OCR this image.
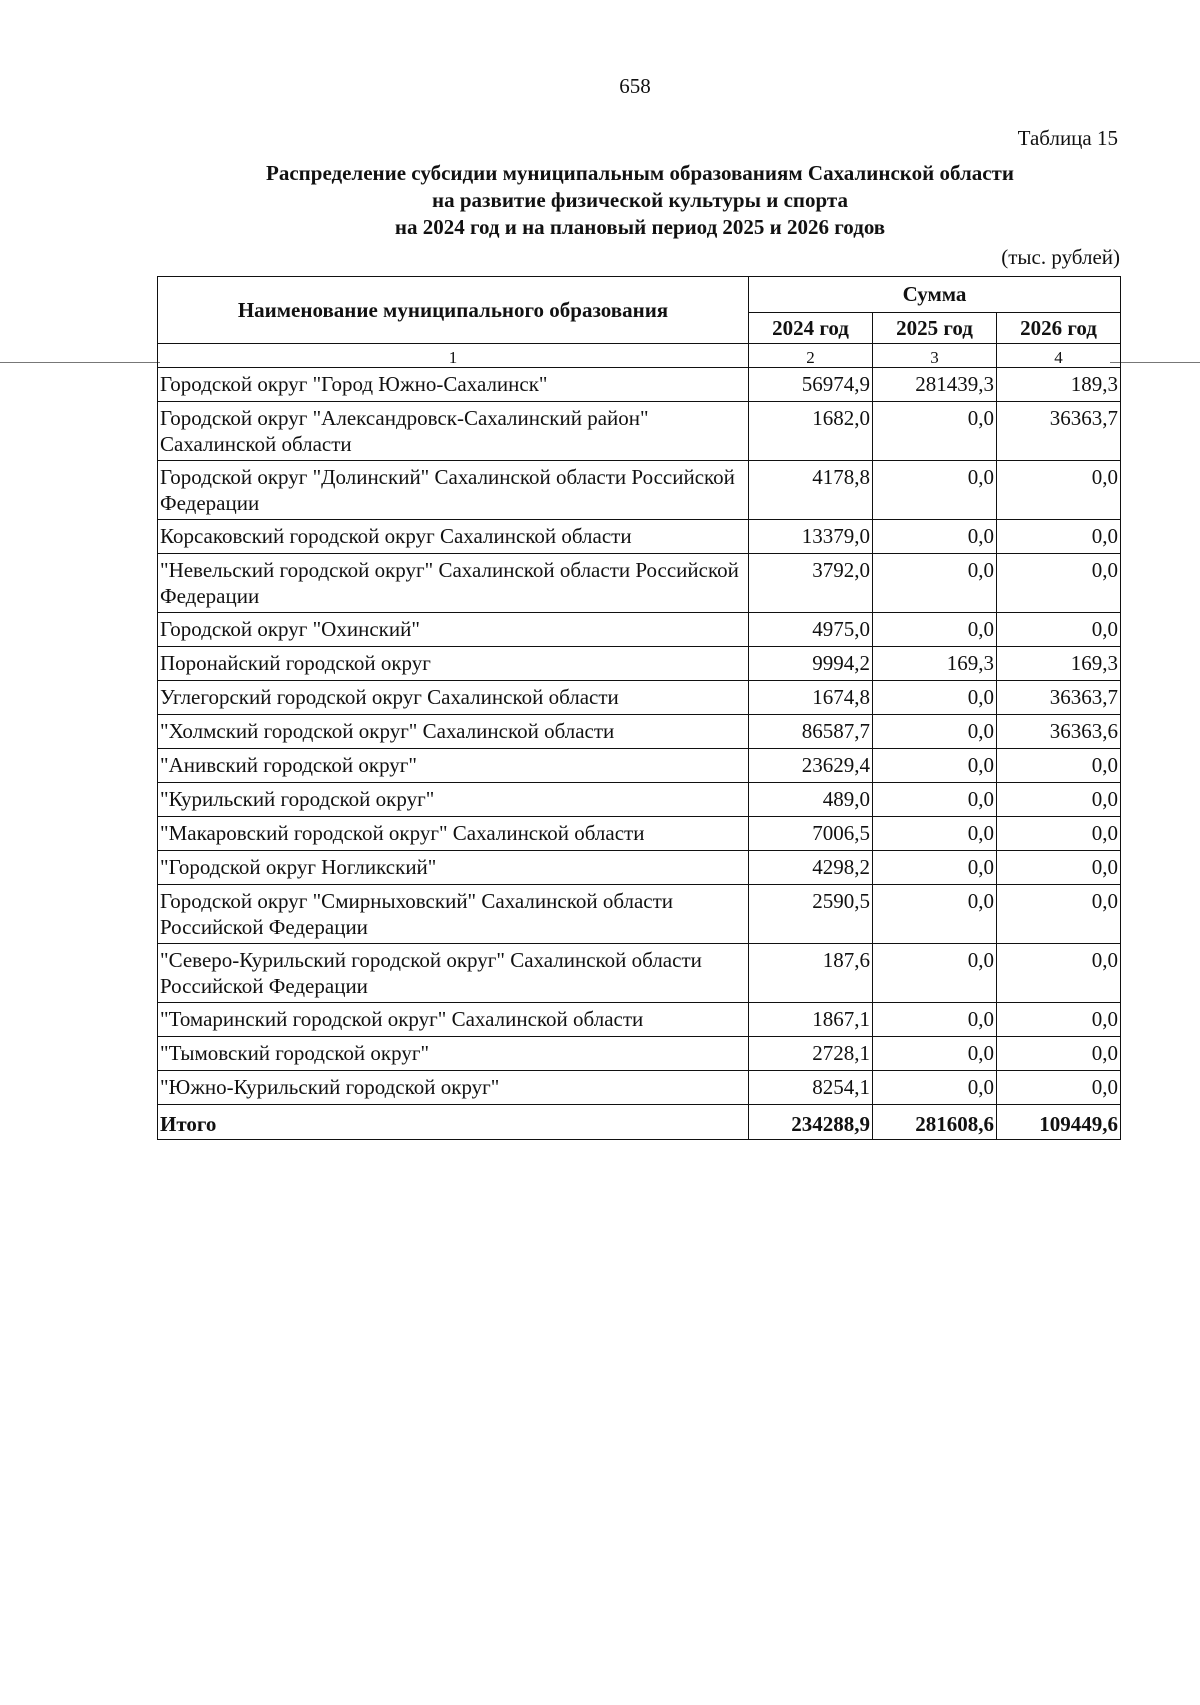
658
Таблица 15
Распределение субсидии муниципальным образованиям Сахалинской области
на развитие физической культуры и спорта
на 2024 год и на плановый период 2025 и 2026 годов
(тыс. рублей)
Наименование муниципального образования	Сумма		
	2024 год	2025 год	2026 год
1	2	3	4
Городской округ "Город Южно-Сахалинск"	56974,9	281439,3	189,3
Городской округ "Александровск-Сахалинский район" Сахалинской области	1682,0	0,0	36363,7
Городской округ "Долинский" Сахалинской области Российской Федерации	4178,8	0,0	0,0
Корсаковский городской округ Сахалинской области	13379,0	0,0	0,0
"Невельский городской округ" Сахалинской области Российской Федерации	3792,0	0,0	0,0
Городской округ "Охинский"	4975,0	0,0	0,0
Поронайский городской округ	9994,2	169,3	169,3
Углегорский городской округ Сахалинской области	1674,8	0,0	36363,7
"Холмский городской округ" Сахалинской области	86587,7	0,0	36363,6
"Анивский городской округ"	23629,4	0,0	0,0
"Курильский городской округ"	489,0	0,0	0,0
"Макаровский городской округ" Сахалинской области	7006,5	0,0	0,0
"Городской округ Ногликский"	4298,2	0,0	0,0
Городской округ "Смирныховский" Сахалинской области Российской Федерации	2590,5	0,0	0,0
"Северо-Курильский городской округ" Сахалинской области Российской Федерации	187,6	0,0	0,0
"Томаринский городской округ" Сахалинской области	1867,1	0,0	0,0
"Тымовский городской округ"	2728,1	0,0	0,0
"Южно-Курильский городской округ"	8254,1	0,0	0,0
Итого	234288,9	281608,6	109449,6
